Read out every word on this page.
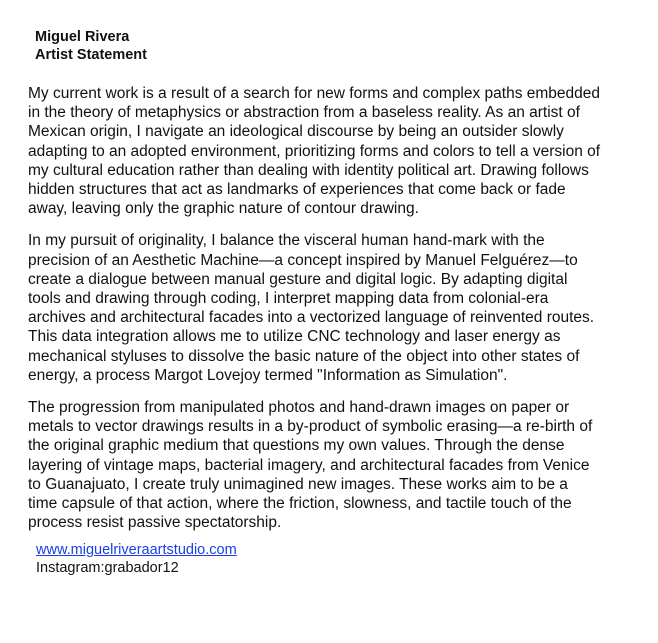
Miguel Rivera
Artist Statement

My current work is a result of a search for new forms and complex paths embedded
in the theory of metaphysics or abstraction from a baseless reality. As an artist of
Mexican origin, I navigate an ideological discourse by being an outsider slowly
adapting to an adopted environment, prioritizing forms and colors to tell a version of
my cultural education rather than dealing with identity political art. Drawing follows
hidden structures that act as landmarks of experiences that come back or fade
away, leaving only the graphic nature of contour drawing.

In my pursuit of originality, I balance the visceral human hand-mark with the
precision of an Aesthetic Machine—a concept inspired by Manuel Felguérez—to
create a dialogue between manual gesture and digital logic. By adapting digital
tools and drawing through coding, I interpret mapping data from colonial-era
archives and architectural facades into a vectorized language of reinvented routes.
This data integration allows me to utilize CNC technology and laser energy as
mechanical styluses to dissolve the basic nature of the object into other states of
energy, a process Margot Lovejoy termed "Information as Simulation".

The progression from manipulated photos and hand-drawn images on paper or
metals to vector drawings results in a by-product of symbolic erasing—a re-birth of
the original graphic medium that questions my own values. Through the dense
layering of vintage maps, bacterial imagery, and architectural facades from Venice
to Guanajuato, I create truly unimagined new images. These works aim to be a
time capsule of that action, where the friction, slowness, and tactile touch of the
process resist passive spectatorship.

www.miguelriveraartstudio.com
Instagram:grabador12
